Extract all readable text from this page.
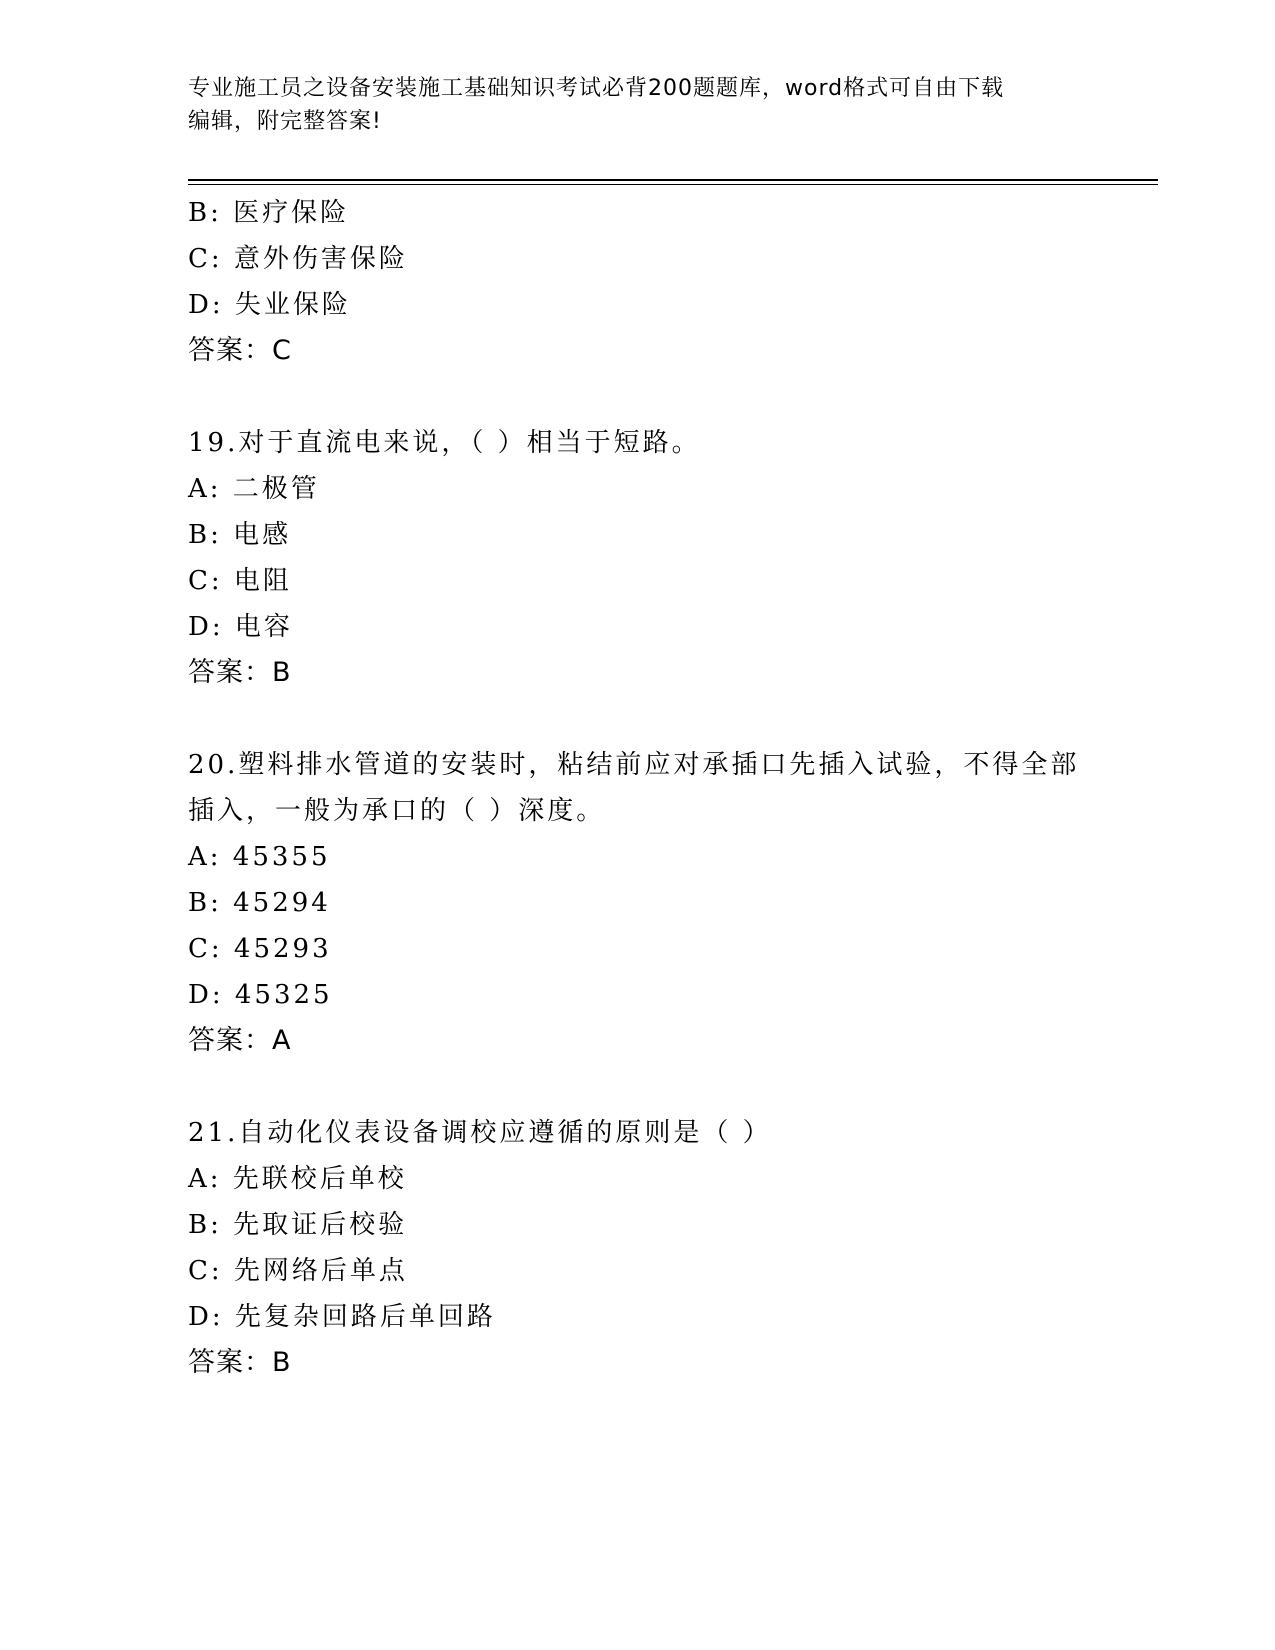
专业施工员之设备安装施工基础知识考试必背200题题库，word格式可自由下载
编辑，附完整答案!
B: 医疗保险
C: 意外伤害保险
D: 失业保险
答案：C
19.对于直流电来说，（ ）相当于短路。
A: 二极管
B: 电感
C: 电阻
D: 电容
答案：B
20.塑料排水管道的安装时，粘结前应对承插口先插入试验，不得全部
插入，一般为承口的（ ）深度。
A: 45355
B: 45294
C: 45293
D: 45325
答案：A
21.自动化仪表设备调校应遵循的原则是（ ）
A: 先联校后单校
B: 先取证后校验
C: 先网络后单点
D: 先复杂回路后单回路
答案：B
